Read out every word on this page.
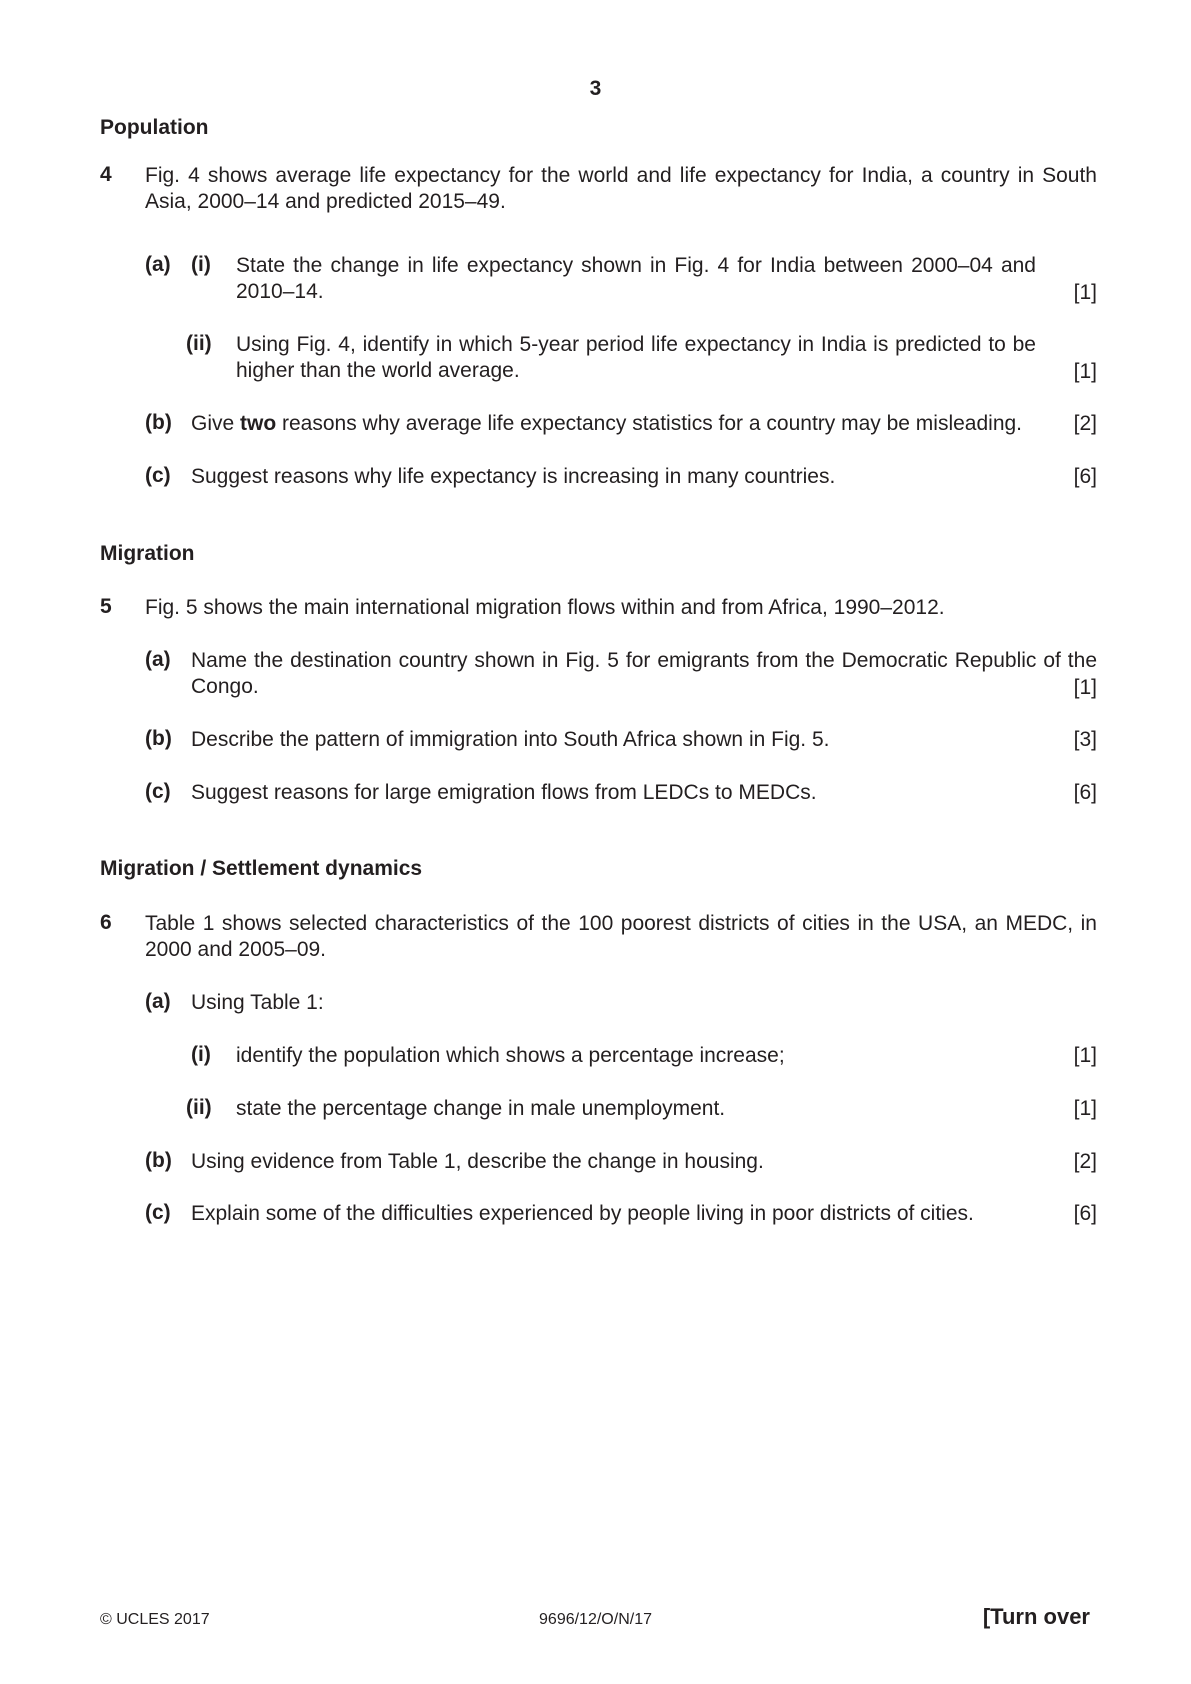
3

Population

4 Fig. 4 shows average life expectancy for the world and life expectancy for India, a country in South Asia, 2000–14 and predicted 2015–49.

(a) (i) State the change in life expectancy shown in Fig. 4 for India between 2000–04 and 2010–14.	[1]
(ii) Using Fig. 4, identify in which 5-year period life expectancy in India is predicted to be higher than the world average.	[1]
(b) Give two reasons why average life expectancy statistics for a country may be misleading. [2]
(c) Suggest reasons why life expectancy is increasing in many countries.	[6]

Migration

5 Fig. 5 shows the main international migration flows within and from Africa, 1990–2012.

(a) Name the destination country shown in Fig. 5 for emigrants from the Democratic Republic of the Congo.	[1]
(b) Describe the pattern of immigration into South Africa shown in Fig. 5.	[3]
(c) Suggest reasons for large emigration flows from LEDCs to MEDCs.	[6]

Migration / Settlement dynamics

6 Table 1 shows selected characteristics of the 100 poorest districts of cities in the USA, an MEDC, in 2000 and 2005–09.

(a) Using Table 1:

(i) identify the population which shows a percentage increase;	[1]
(ii) state the percentage change in male unemployment.	[1]
(b) Using evidence from Table 1, describe the change in housing.	[2]
(c) Explain some of the difficulties experienced by people living in poor districts of cities.	[6]
© UCLES 2017	9696/12/O/N/17	[Turn over
